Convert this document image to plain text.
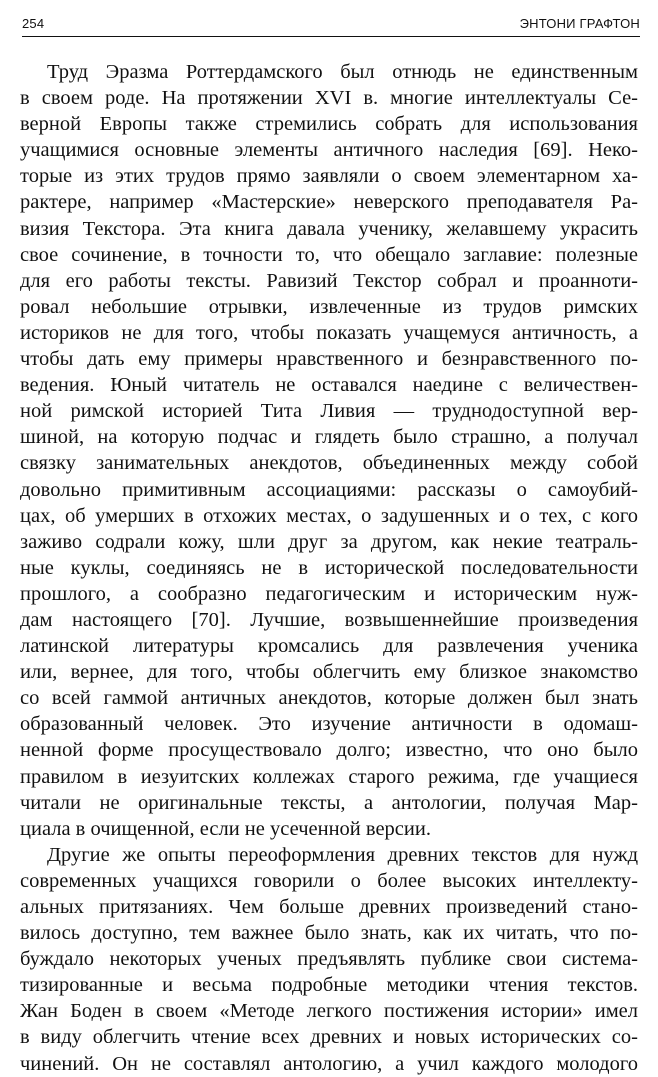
254	ЭНТОНИ ГРАФТОН
Труд Эразма Роттердамского был отнюдь не единственным
в своем роде. На протяжении XVI в. многие интеллектуалы Се-
верной Европы также стремились собрать для использования
учащимися основные элементы античного наследия [69]. Неко-
торые из этих трудов прямо заявляли о своем элементарном ха-
рактере, например «Мастерские» неверского преподавателя Ра-
визия Текстора. Эта книга давала ученику, желавшему украсить
свое сочинение, в точности то, что обещало заглавие: полезные
для его работы тексты. Равизий Текстор собрал и проанноти-
ровал небольшие отрывки, извлеченные из трудов римских
историков не для того, чтобы показать учащемуся античность, а
чтобы дать ему примеры нравственного и безнравственного по-
ведения. Юный читатель не оставался наедине с величествен-
ной римской историей Тита Ливия — труднодоступной вер-
шиной, на которую подчас и глядеть было страшно, а получал
связку занимательных анекдотов, объединенных между собой
довольно примитивным ассоциациями: рассказы о самоубий-
цах, об умерших в отхожих местах, о задушенных и о тех, с кого
заживо содрали кожу, шли друг за другом, как некие театраль-
ные куклы, соединяясь не в исторической последовательности
прошлого, а сообразно педагогическим и историческим нуж-
дам настоящего [70]. Лучшие, возвышеннейшие произведения
латинской литературы кромсались для развлечения ученика
или, вернее, для того, чтобы облегчить ему близкое знакомство
со всей гаммой античных анекдотов, которые должен был знать
образованный человек. Это изучение античности в одомаш-
ненной форме просуществовало долго; известно, что оно было
правилом в иезуитских коллежах старого режима, где учащиеся
читали не оригинальные тексты, а антологии, получая Мар-
циала в очищенной, если не усеченной версии.
Другие же опыты переоформления древних текстов для нужд
современных учащихся говорили о более высоких интеллекту-
альных притязаниях. Чем больше древних произведений стано-
вилось доступно, тем важнее было знать, как их читать, что по-
буждало некоторых ученых предъявлять публике свои система-
тизированные и весьма подробные методики чтения текстов.
Жан Боден в своем «Методе легкого постижения истории» имел
в виду облегчить чтение всех древних и новых исторических со-
чинений. Он не составлял антологию, а учил каждого молодого
